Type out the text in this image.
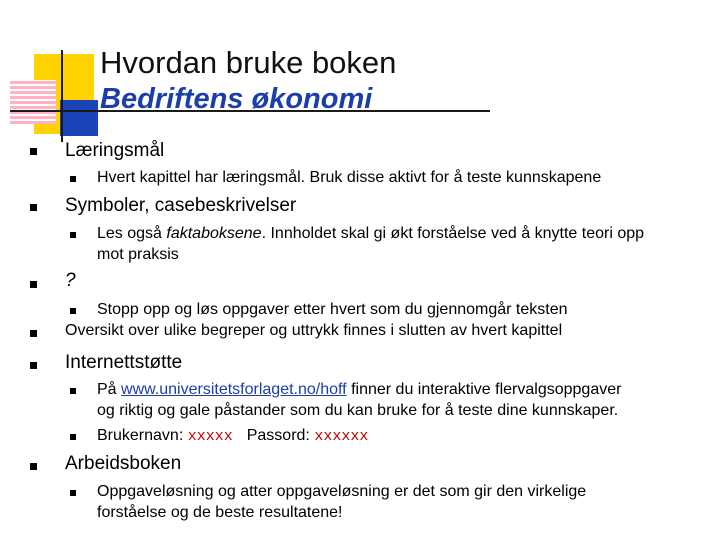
Hvordan bruke boken
Bedriftens økonomi
Læringsmål
Hvert kapittel har læringsmål. Bruk disse aktivt for å teste kunnskapene
Symboler, casebeskrivelser
Les også faktaboksene. Innholdet skal gi økt forståelse ved å knytte teori opp
mot praksis
?
Stopp opp og løs oppgaver etter hvert som du gjennomgår teksten
Oversikt over ulike begreper og uttrykk finnes i slutten av hvert kapittel
Internettstøtte
På www.universitetsforlaget.no/hoff finner du interaktive flervalgsoppgaver
og riktig og gale påstander som du kan bruke for å teste dine kunnskaper.
Brukernavn: xxxxx Passord: xxxxxx
Arbeidsboken
Oppgaveløsning og atter oppgaveløsning er det som gir den virkelige
forståelse og de beste resultatene!
